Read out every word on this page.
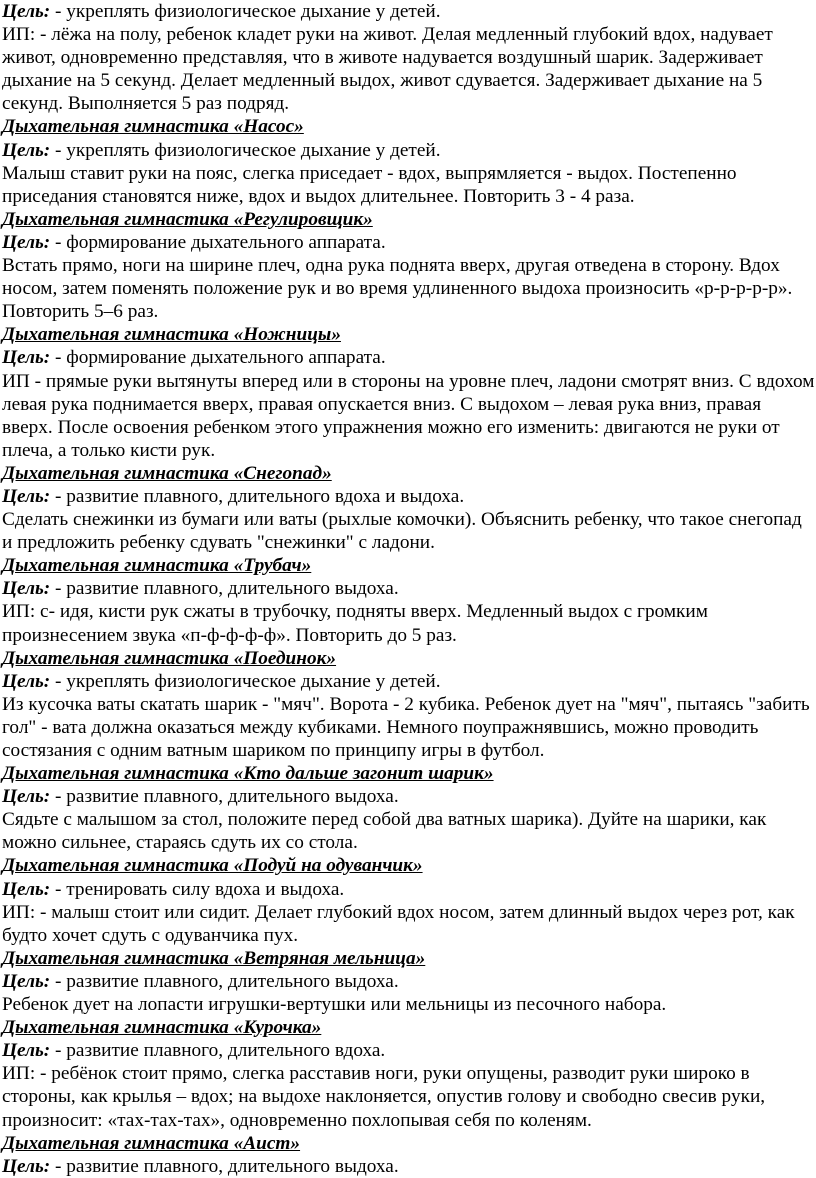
Цель: - укреплять физиологическое дыхание у детей.

ИП: - лёжа на полу, ребенок кладет руки на живот. Делая медленный глубокий вдох, надувает живот, одновременно представляя, что в животе надувается воздушный шарик. Задерживает дыхание на 5 секунд. Делает медленный выдох, живот сдувается. Задерживает дыхание на 5 секунд. Выполняется 5 раз подряд.

Дыхательная гимнастика «Насос»

Цель: - укреплять физиологическое дыхание у детей.

Малыш ставит руки на пояс, слегка приседает - вдох, выпрямляется - выдох. Постепенно приседания становятся ниже, вдох и выдох длительнее. Повторить 3 - 4 раза.

Дыхательная гимнастика «Регулировщик»

Цель: - формирование дыхательного аппарата.

Встать прямо, ноги на ширине плеч, одна рука поднята вверх, другая отведена в сторону. Вдох носом, затем поменять положение рук и во время удлиненного выдоха произносить «р-р-р-р-р». Повторить 5–6 раз.

Дыхательная гимнастика «Ножницы»

Цель: - формирование дыхательного аппарата.

ИП - прямые руки вытянуты вперед или в стороны на уровне плеч, ладони смотрят вниз. С вдохом левая рука поднимается вверх, правая опускается вниз. С выдохом – левая рука вниз, правая вверх. После освоения ребенком этого упражнения можно его изменить: двигаются не руки от плеча, а только кисти рук.

Дыхательная гимнастика «Снегопад»

Цель: - развитие плавного, длительного вдоха и выдоха.

Сделать снежинки из бумаги или ваты (рыхлые комочки). Объяснить ребенку, что такое снегопад и предложить ребенку сдувать "снежинки" с ладони.

Дыхательная гимнастика «Трубач»

Цель: - развитие плавного, длительного выдоха.

ИП: с- идя, кисти рук сжаты в трубочку, подняты вверх. Медленный выдох с громким произнесением звука «п-ф-ф-ф-ф». Повторить до 5 раз.

Дыхательная гимнастика «Поединок»

Цель: - укреплять физиологическое дыхание у детей.

Из кусочка ваты скатать шарик - "мяч". Ворота - 2 кубика. Ребенок дует на "мяч", пытаясь "забить гол" - вата должна оказаться между кубиками. Немного поупражнявшись, можно проводить состязания с одним ватным шариком по принципу игры в футбол.

Дыхательная гимнастика «Кто дальше загонит шарик»

Цель: - развитие плавного, длительного выдоха.

Сядьте с малышом за стол, положите перед собой два ватных шарика). Дуйте на шарики, как можно сильнее, стараясь сдуть их со стола.

Дыхательная гимнастика «Подуй на одуванчик»

Цель: - тренировать силу вдоха и выдоха.

ИП: - малыш стоит или сидит. Делает глубокий вдох носом, затем длинный выдох через рот, как будто хочет сдуть с одуванчика пух.

Дыхательная гимнастика «Ветряная мельница»

Цель: - развитие плавного, длительного выдоха.

Ребенок дует на лопасти игрушки-вертушки или мельницы из песочного набора.

Дыхательная гимнастика «Курочка»

Цель: - развитие плавного, длительного вдоха.

ИП: - ребёнок стоит прямо, слегка расставив ноги, руки опущены, разводит руки широко в стороны, как крылья – вдох; на выдохе наклоняется, опустив голову и свободно свесив руки, произносит: «тах-тах-тах», одновременно похлопывая себя по коленям.

Дыхательная гимнастика «Аист»

Цель: - развитие плавного, длительного выдоха.
